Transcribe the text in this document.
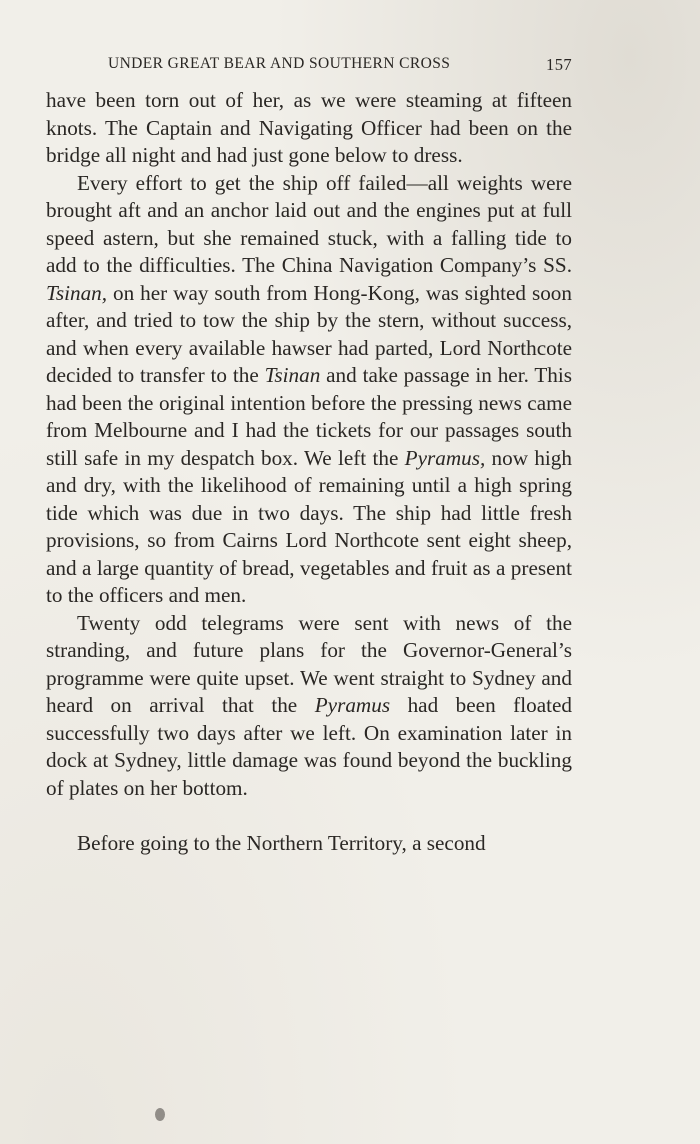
UNDER GREAT BEAR AND SOUTHERN CROSS	157

have been torn out of her, as we were steaming at fifteen knots. The Captain and Navigating Officer had been on the bridge all night and had just gone below to dress.

Every effort to get the ship off failed—all weights were brought aft and an anchor laid out and the engines put at full speed astern, but she remained stuck, with a falling tide to add to the difficulties. The China Navigation Company’s SS. Tsinan, on her way south from Hong-Kong, was sighted soon after, and tried to tow the ship by the stern, without success, and when every available hawser had parted, Lord Northcote decided to transfer to the Tsinan and take passage in her. This had been the original intention before the pressing news came from Melbourne and I had the tickets for our passages south still safe in my despatch box. We left the Pyramus, now high and dry, with the likelihood of remaining until a high spring tide which was due in two days. The ship had little fresh provisions, so from Cairns Lord Northcote sent eight sheep, and a large quantity of bread, vegetables and fruit as a present to the officers and men.

Twenty odd telegrams were sent with news of the stranding, and future plans for the Governor-General’s programme were quite upset. We went straight to Sydney and heard on arrival that the Pyramus had been floated successfully two days after we left. On examination later in dock at Sydney, little damage was found beyond the buckling of plates on her bottom.

Before going to the Northern Territory, a second
